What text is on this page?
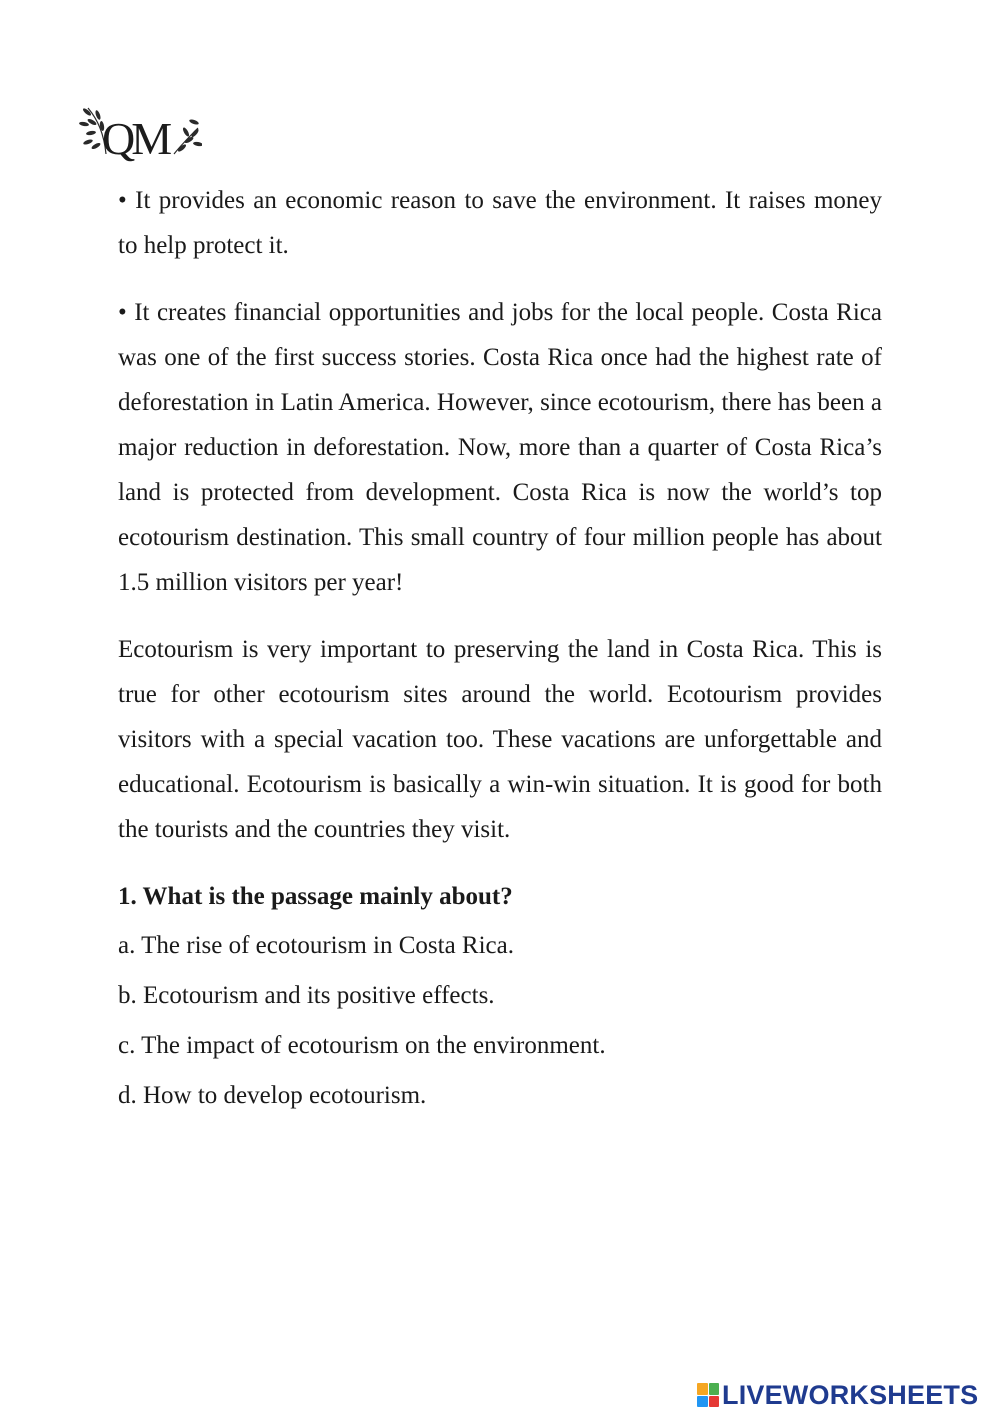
QM

• It provides an economic reason to save the environment. It raises money to help protect it.

• It creates financial opportunities and jobs for the local people. Costa Rica was one of the first success stories. Costa Rica once had the highest rate of deforestation in Latin America. However, since ecotourism, there has been a major reduction in deforestation. Now, more than a quarter of Costa Rica’s land is protected from development. Costa Rica is now the world’s top ecotourism destination. This small country of four million people has about 1.5 million visitors per year!

Ecotourism is very important to preserving the land in Costa Rica. This is true for other ecotourism sites around the world. Ecotourism provides visitors with a special vacation too. These vacations are unforgettable and educational. Ecotourism is basically a win-win situation. It is good for both the tourists and the countries they visit.

1. What is the passage mainly about?

a. The rise of ecotourism in Costa Rica.

b. Ecotourism and its positive effects.

c. The impact of ecotourism on the environment.

d. How to develop ecotourism.

LIVEWORKSHEETS
